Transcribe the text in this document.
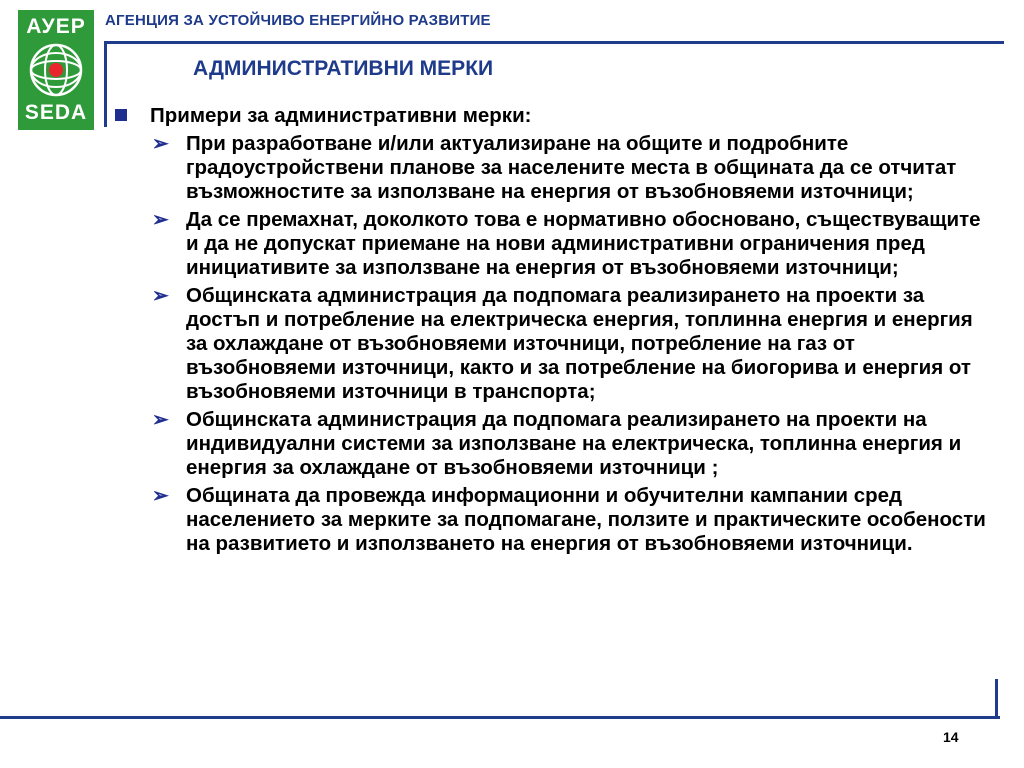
АУЕР
SEDA
АГЕНЦИЯ ЗА УСТОЙЧИВО ЕНЕРГИЙНО РАЗВИТИЕ
АДМИНИСТРАТИВНИ МЕРКИ
Примери за административни мерки:
➢ При разработване и/или актуализиране на общите и подробните градоустройствени планове за населените места в общината да се отчитат възможностите за използване на енергия от възобновяеми източници;
➢ Да се премахнат, доколкото това е нормативно обосновано, съществуващите и да не допускат приемане на нови административни ограничения пред инициативите за използване на енергия от възобновяеми източници;
➢ Общинската администрация да подпомага реализирането на проекти за достъп и потребление на електрическа енергия, топлинна енергия и енергия за охлаждане от възобновяеми източници, потребление на газ от възобновяеми източници, както и за потребление на биогорива и енергия от възобновяеми източници в транспорта;
➢ Общинската администрация да подпомага реализирането на проекти на индивидуални системи за използване на електрическа, топлинна енергия и енергия за охлаждане от възобновяеми източници ;
➢ Общината да провежда информационни и обучителни кампании сред населението за мерките за подпомагане, ползите и практическите особености на развитието и използването на енергия от възобновяеми източници.
14
